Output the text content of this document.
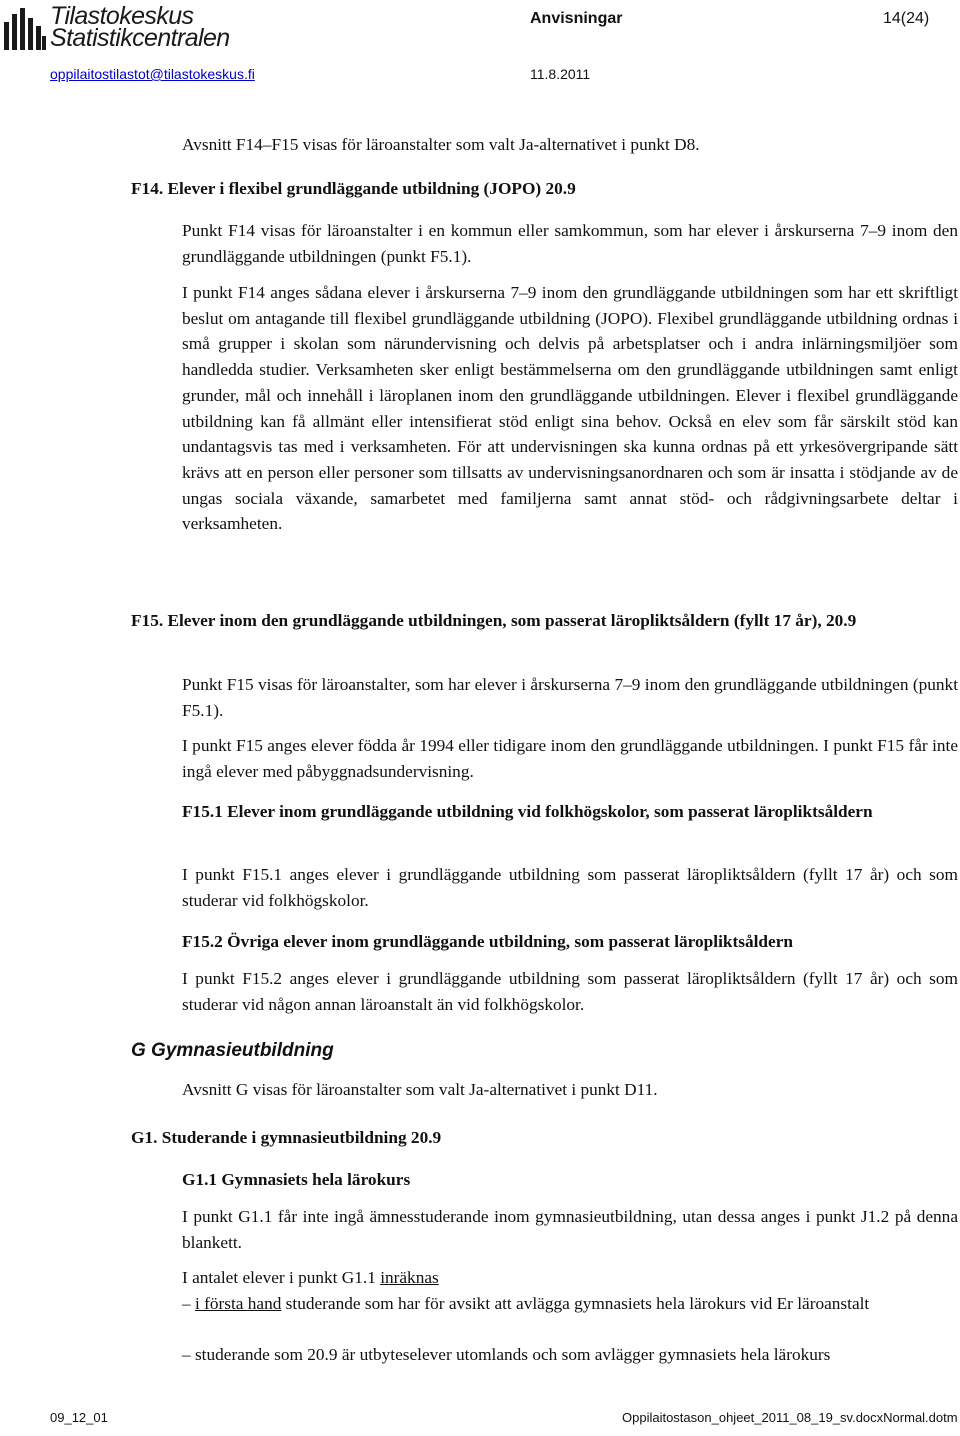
Tilastokeskus
Statistikcentralen
oppilaitostilastot@tilastokeskus.fi
Anvisningar	14(24)
11.8.2011
Avsnitt F14–F15 visas för läroanstalter som valt Ja-alternativet i punkt D8.
F14. Elever i flexibel grundläggande utbildning (JOPO) 20.9
Punkt F14 visas för läroanstalter i en kommun eller samkommun, som har elever i årskurserna 7–9 inom den grundläggande utbildningen (punkt F5.1).
I punkt F14 anges sådana elever i årskurserna 7–9 inom den grundläggande utbildningen som har ett skriftligt beslut om antagande till flexibel grundläggande utbildning (JOPO). Flexibel grundläggande utbildning ordnas i små grupper i skolan som närundervisning och delvis på arbetsplatser och i andra inlärningsmiljöer som handledda studier. Verksamheten sker enligt bestämmelserna om den grundläggande utbildningen samt enligt grunder, mål och innehåll i läroplanen inom den grundläggande utbildningen. Elever i flexibel grundläggande utbildning kan få allmänt eller intensifierat stöd enligt sina behov. Också en elev som får särskilt stöd kan undantagsvis tas med i verksamheten. För att undervisningen ska kunna ordnas på ett yrkesövergripande sätt krävs att en person eller personer som tillsatts av undervisningsanordnaren och som är insatta i stödjande av de ungas sociala växande, samarbetet med familjerna samt annat stöd- och rådgivningsarbete deltar i verksamheten.
F15. Elever inom den grundläggande utbildningen, som passerat läropliktsåldern (fyllt 17 år), 20.9
Punkt F15 visas för läroanstalter, som har elever i årskurserna 7–9 inom den grundläggande utbildningen (punkt F5.1).
I punkt F15 anges elever födda år 1994 eller tidigare inom den grundläggande utbildningen. I punkt F15 får inte ingå elever med påbyggnadsundervisning.
F15.1 Elever inom grundläggande utbildning vid folkhögskolor, som passerat läropliktsåldern
I punkt F15.1 anges elever i grundläggande utbildning som passerat läropliktsåldern (fyllt 17 år) och som studerar vid folkhögskolor.
F15.2 Övriga elever inom grundläggande utbildning, som passerat läropliktsåldern
I punkt F15.2 anges elever i grundläggande utbildning som passerat läropliktsåldern (fyllt 17 år) och som studerar vid någon annan läroanstalt än vid folkhögskolor.
G Gymnasieutbildning
Avsnitt G visas för läroanstalter som valt Ja-alternativet i punkt D11.
G1. Studerande i gymnasieutbildning 20.9
G1.1 Gymnasiets hela lärokurs
I punkt G1.1 får inte ingå ämnesstuderande inom gymnasieutbildning, utan dessa anges i punkt J1.2 på denna blankett.
I antalet elever i punkt G1.1 inräknas
– i första hand studerande som har för avsikt att avlägga gymnasiets hela lärokurs vid Er läroanstalt
– studerande som 20.9 är utbyteselever utomlands och som avlägger gymnasiets hela lärokurs
09_12_01	Oppilaitostason_ohjeet_2011_08_19_sv.docxNormal.dotm
